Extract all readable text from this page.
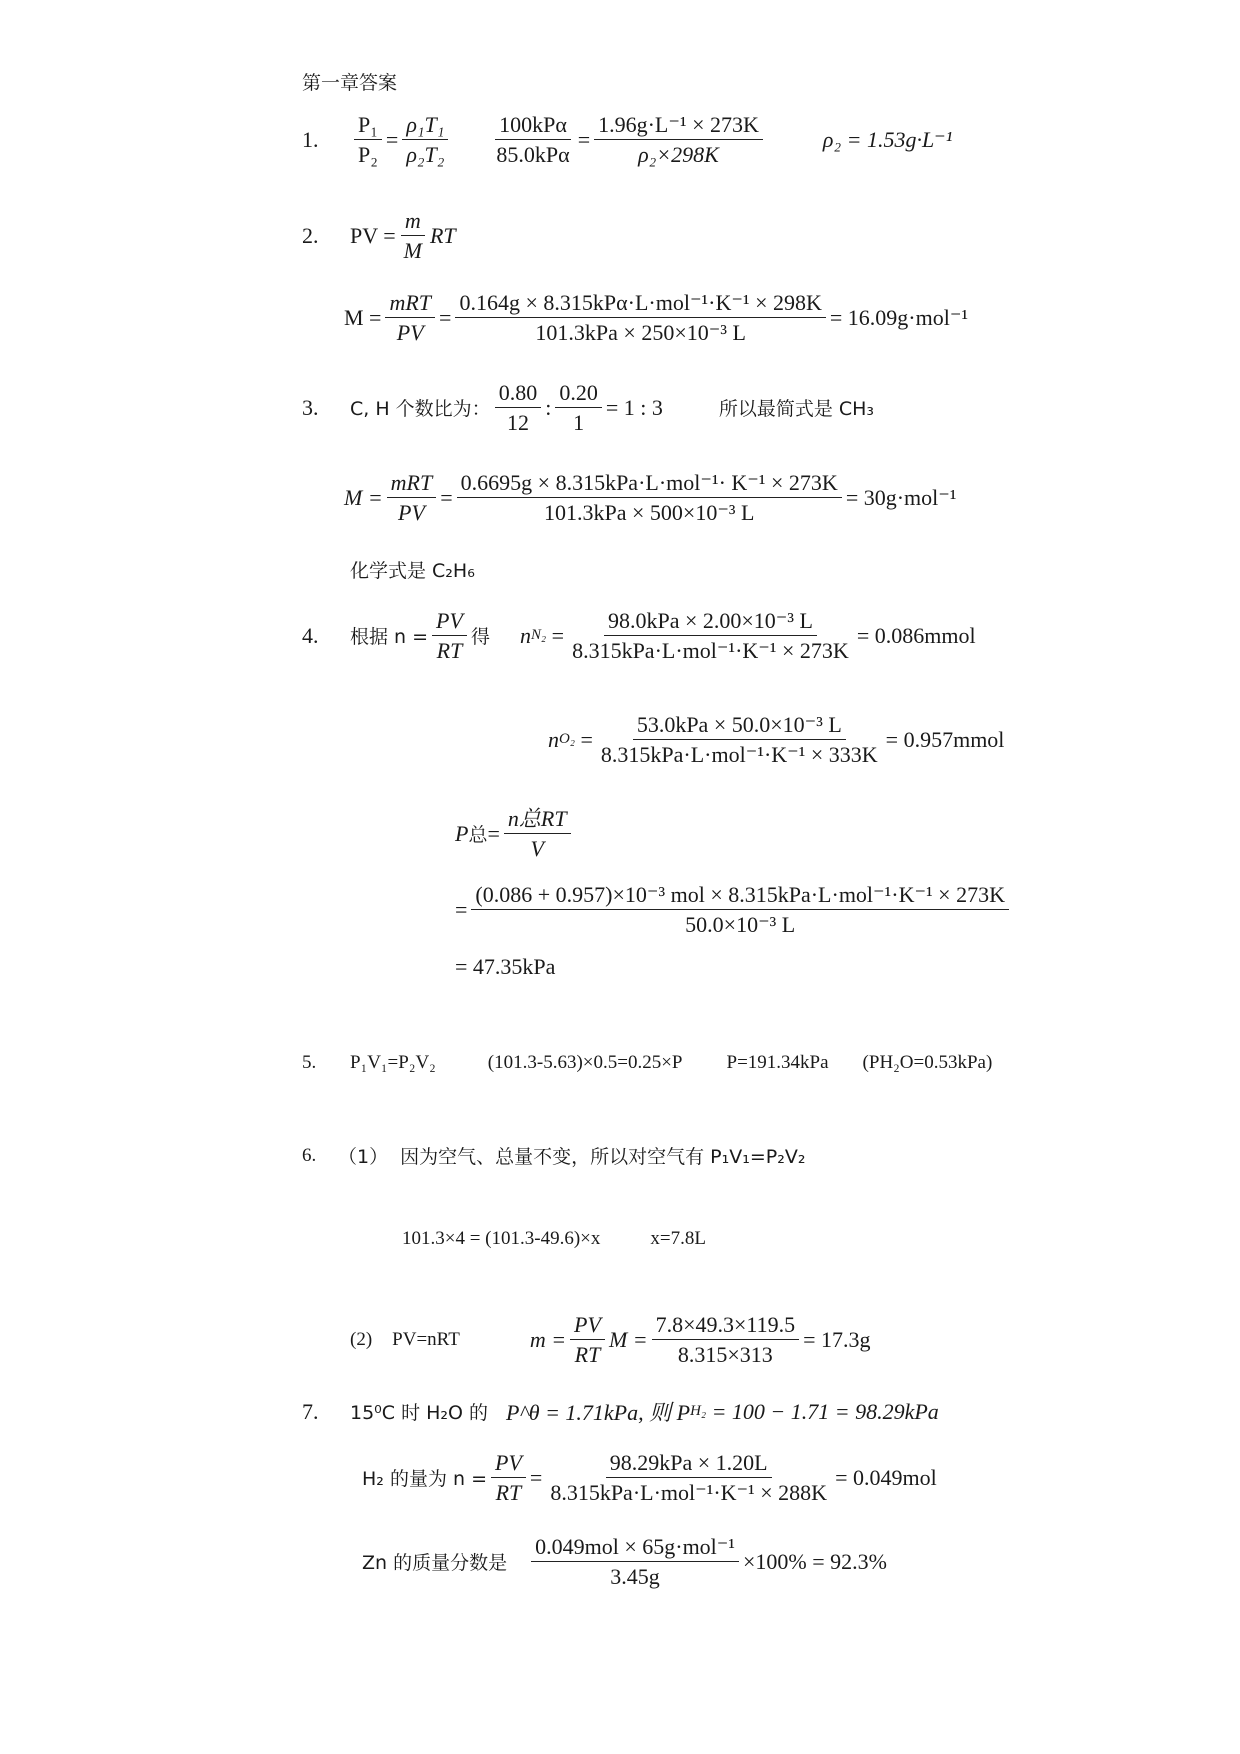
第一章答案
1.	$\frac{\text{P₁}}{\text{P₂}} = \frac{\text{ρ₁T₁}}{\text{ρ₂T₂}} \frac{\text{100kPα}}{\text{85.0kPα}} = \frac{\text{1.96g·L⁻¹ × 273K}}{\text{ρ₂×298K}}$	ρ₂ = 1.53g·L⁻¹
2.	PV = $\frac{m}{M}$ RT
$M = \frac{\text{mRT}}{PV} = \frac{\text{0.164g × 8.315kPα·L·mol⁻¹·K⁻¹ × 298K}}{\text{101.3kPa × 250×10⁻³ L}} = 16.09g\cdot mol^{-1}$
3.	C, H 个数比为： $\frac{0.80}{12}$ : $\frac{0.20}{1} = 1$ : 3	所以最简式是 CH₃
$M = \frac{\text{mRT}}{PV} = \frac{\text{0.6695g × 8.315kPa·L·mol⁻¹· K⁻¹ × 273K}}{\text{101.3kPa × 500×10⁻³ L}} = 30g\cdot mol^{-1}$
化学式是 C₂H₆
4.	根据 $n = \frac{PV}{RT}$ 得 n $N_2 = \frac{\text{98.0kPa × 2.00×10⁻³ L}}{\text{8.315kPa·L·mol⁻¹·K⁻¹ × 273K}}$ = 0.086mmol
n $O_2 = \frac{\text{53.0kPa × 50.0×10⁻³ L}}{\text{8.315kPa·L·mol⁻¹·K⁻¹ × 333K}}$ = 0.957mmol
P 总 = $\frac{\text{n总RT}}{V}$
= $\frac{\text{(0.086 + 0.957)×10⁻³ mol × 8.315kPa·L·mol⁻¹·K⁻¹ × 273K}}{\text{50.0×10⁻³ L}}$
= 47.35kPa
5.	P₁V₁=P₂V₂	(101.3-5.63)×0.5=0.25×P P=191.34kPa (PH₂O=0.53kPa)
6.	（1） 因为空气、总量不变，所以对空气有 P₁V₁=P₂V₂
101.3×4 = (101.3-49.6)×x	x=7.8L
(2) PV=nRT	$m = \frac{PV}{RT}$ $M = \frac{7.8\times 49.3\times 119.5}{8.315\times 313} = 17.3g$
7.	15⁰C 时 H₂O 的 P^θ = 1.71kPa, 则 P H₂
= 100 − 1.71 = 98.29kPa
H₂ 的量为 $n = \frac{PV}{RT} = \frac{\text{98.29kPa × 1.20L}}{\text{8.315kPa·L·mol⁻¹·K⁻¹ × 288K}} = 0.049mol$
Zn 的质量分数是 $\frac{\text{0.049mol × 65g·mol⁻¹}}{3.45g} \times 100\% = 92.3\%$
